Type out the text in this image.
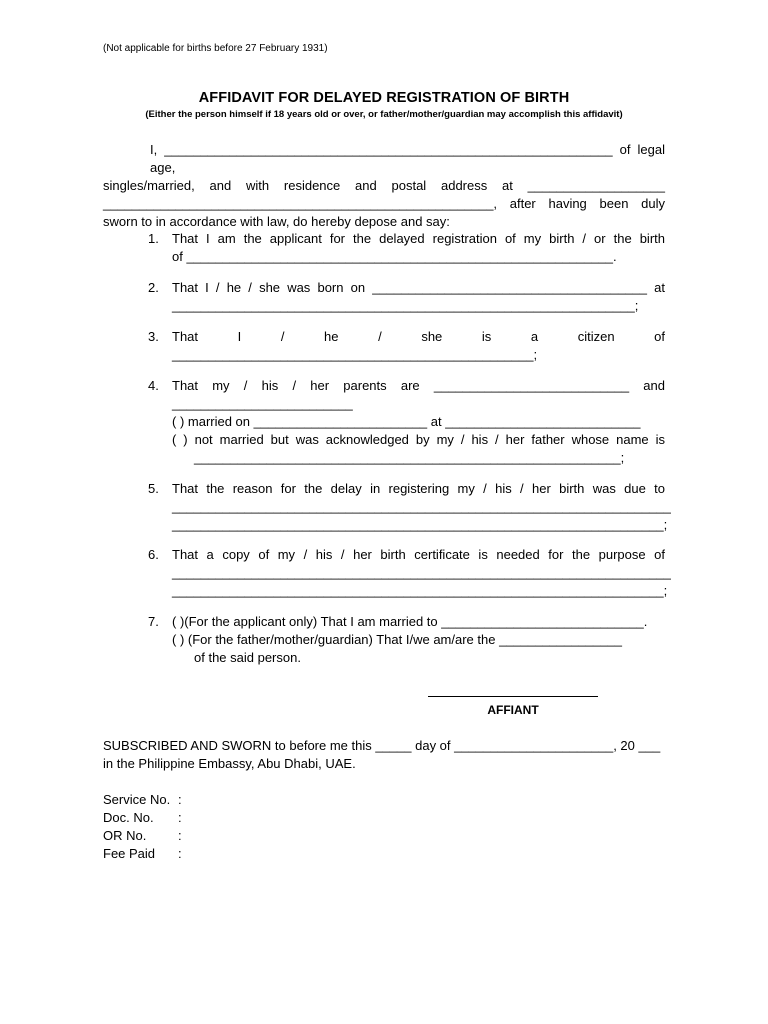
(Not applicable for births before 27 February 1931)
AFFIDAVIT FOR DELAYED REGISTRATION OF BIRTH
(Either the person himself if 18 years old or over, or father/mother/guardian may accomplish this affidavit)
I, ______________________________________________________________ of legal age,
singles/married, and with residence and postal address at ___________________
______________________________________________________, after having been duly
sworn to in accordance with law, do hereby depose and say:
1.	That I am the applicant for the delayed registration of my birth / or the birth
of ___________________________________________________________.
2.	That I / he / she was born on ______________________________________ at
________________________________________________________________;
3.	That I / he / she is a citizen of
__________________________________________________;
4.	That my / his / her parents are ___________________________ and
_________________________
( ) married on ________________________ at ___________________________
( ) not married but was acknowledged by my / his / her father whose name is
___________________________________________________________;
5.	That the reason for the delay in registering my / his / her birth was due to
_____________________________________________________________________
____________________________________________________________________;
6.	That a copy of my / his / her birth certificate is needed for the purpose of
_____________________________________________________________________
____________________________________________________________________;
7.	( )(For the applicant only) That I am married to ____________________________.
( ) (For the father/mother/guardian) That I/we am/are the _________________
of the said person.
AFFIANT
SUBSCRIBED AND SWORN to before me this _____ day of ______________________, 20 ___
in the Philippine Embassy, Abu Dhabi, UAE.
Service No. :
Doc. No.	:
OR No.	:
Fee Paid	:
